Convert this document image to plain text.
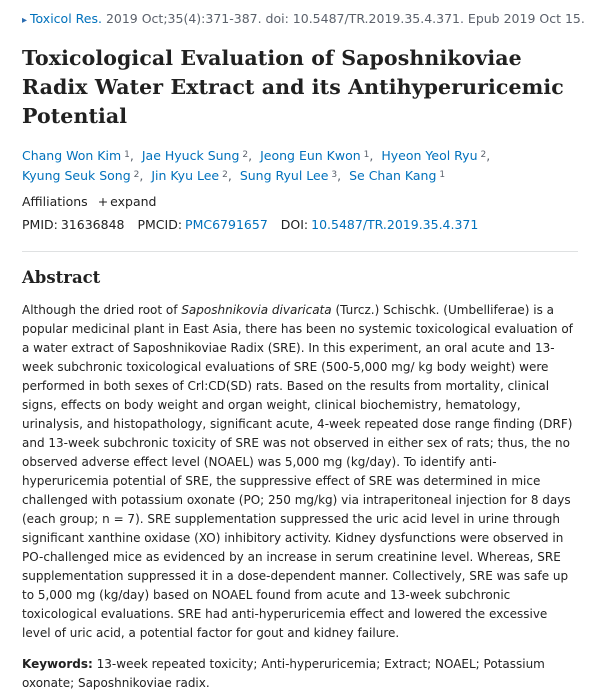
▸ Toxicol Res. 2019 Oct;35(4):371-387. doi: 10.5487/TR.2019.35.4.371. Epub 2019 Oct 15.
Toxicological Evaluation of Saposhnikoviae Radix Water Extract and its Antihyperuricemic Potential
Chang Won Kim $^1$, Jae Hyuck Sung $^2$, Jeong Eun Kwon $^1$, Hyeon Yeol Ryu $^2$, Kyung Seuk Song $^2$, Jin Kyu Lee $^2$, Sung Ryul Lee $^3$, Se Chan Kang $^1$
Affiliations + expand
PMID: 31636848 PMCID: PMC6791657 DOI: 10.5487/TR.2019.35.4.371
Abstract
Although the dried root of Saposhnikovia divaricata (Turcz.) Schischk. (Umbelliferae) is a popular medicinal plant in East Asia, there has been no systemic toxicological evaluation of a water extract of Saposhnikoviae Radix (SRE). In this experiment, an oral acute and 13-week subchronic toxicological evaluations of SRE (500-5,000 mg/ kg body weight) were performed in both sexes of Crl:CD(SD) rats. Based on the results from mortality, clinical signs, effects on body weight and organ weight, clinical biochemistry, hematology, urinalysis, and histopathology, significant acute, 4-week repeated dose range finding (DRF) and 13-week subchronic toxicity of SRE was not observed in either sex of rats; thus, the no observed adverse effect level (NOAEL) was 5,000 mg (kg/day). To identify anti-hyperuricemia potential of SRE, the suppressive effect of SRE was determined in mice challenged with potassium oxonate (PO; 250 mg/kg) via intraperitoneal injection for 8 days (each group; n = 7). SRE supplementation suppressed the uric acid level in urine through significant xanthine oxidase (XO) inhibitory activity. Kidney dysfunctions were observed in PO-challenged mice as evidenced by an increase in serum creatinine level. Whereas, SRE supplementation suppressed it in a dose-dependent manner. Collectively, SRE was safe up to 5,000 mg (kg/day) based on NOAEL found from acute and 13-week subchronic toxicological evaluations. SRE had anti-hyperuricemia effect and lowered the excessive level of uric acid, a potential factor for gout and kidney failure.
Keywords: 13-week repeated toxicity; Anti-hyperuricemia; Extract; NOAEL; Potassium oxonate; Saposhnikoviae radix.
